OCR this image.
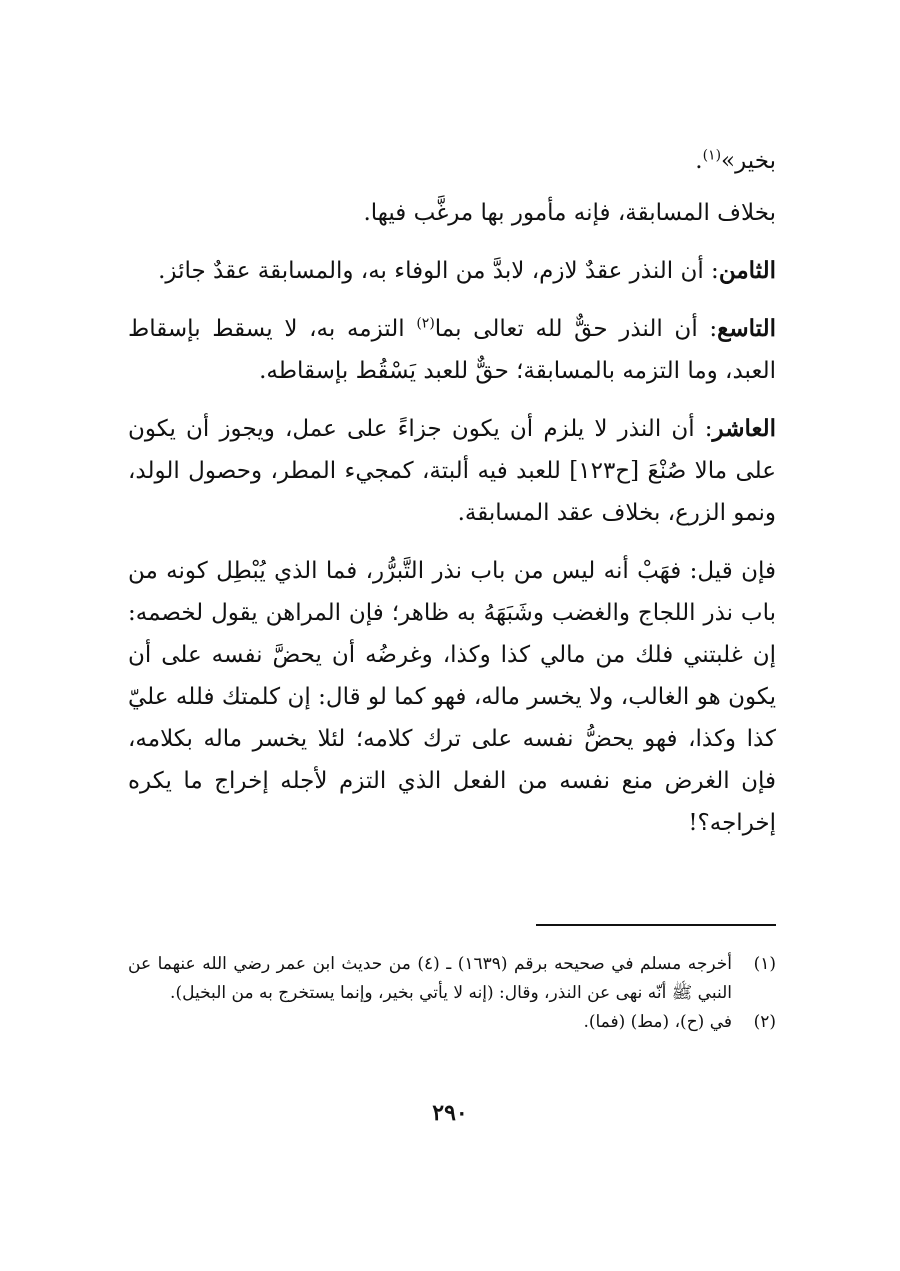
بخير»$^{(١)}$.

بخلاف المسابقة، فإنه مأمور بها مرغَّب فيها.

الثامن: أن النذر عقدٌ لازم، لابدَّ من الوفاء به، والمسابقة عقدٌ جائز.

التاسع: أن النذر حقٌّ لله تعالى بما$^{(٢)}$ التزمه به، لا يسقط بإسقاط العبد، وما التزمه بالمسابقة؛ حقٌّ للعبد يَسْقُط بإسقاطه.

العاشر: أن النذر لا يلزم أن يكون جزاءً على عمل، ويجوز أن يكون على مالا صُنْعَ [ح١٢٣] للعبد فيه ألبتة، كمجيء المطر، وحصول الولد، ونمو الزرع، بخلاف عقد المسابقة.

فإن قيل: فهَبْ أنه ليس من باب نذر التَّبرُّر، فما الذي يُبْطِل كونه من باب نذر اللجاج والغضب وشَبَهَهُ به ظاهر؛ فإن المراهن يقول لخصمه: إن غلبتني فلك من مالي كذا وكذا، وغرضُه أن يحضَّ نفسه على أن يكون هو الغالب، ولا يخسر ماله، فهو كما لو قال: إن كلمتك فلله عليّ كذا وكذا، فهو يحضُّ نفسه على ترك كلامه؛ لئلا يخسر ماله بكلامه، فإن الغرض منع نفسه من الفعل الذي التزم لأجله إخراج ما يكره إخراجه؟!

(١)
أخرجه مسلم في صحيحه برقم (١٦٣٩) ـ (٤) من حديث ابن عمر رضي الله عنهما عن النبي ﷺ أنّه نهى عن النذر، وقال: (إنه لا يأتي بخير، وإنما يستخرج به من البخيل).
(٢)
في (ح)، (مط) (فما).
٢٩٠
